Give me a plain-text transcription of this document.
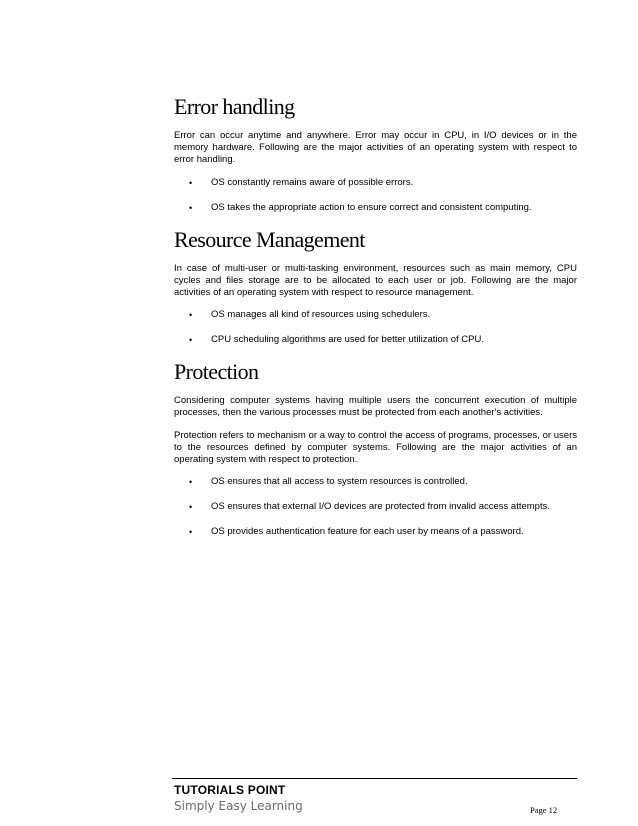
Error handling

Error can occur anytime and anywhere. Error may occur in CPU, in I/O devices or in the memory hardware. Following are the major activities of an operating system with respect to error handling.

• OS constantly remains aware of possible errors.
• OS takes the appropriate action to ensure correct and consistent computing.
Resource Management

In case of multi-user or multi-tasking environment, resources such as main memory, CPU cycles and files storage are to be allocated to each user or job. Following are the major activities of an operating system with respect to resource management.

• OS manages all kind of resources using schedulers.
• CPU scheduling algorithms are used for better utilization of CPU.
Protection

Considering computer systems having multiple users the concurrent execution of multiple processes, then the various processes must be protected from each another's activities.

Protection refers to mechanism or a way to control the access of programs, processes, or users to the resources defined by computer systems. Following are the major activities of an operating system with respect to protection.

• OS ensures that all access to system resources is controlled.
• OS ensures that external I/O devices are protected from invalid access attempts.
• OS provides authentication feature for each user by means of a password.
TUTORIALS POINT
Simply Easy Learning	Page 12
